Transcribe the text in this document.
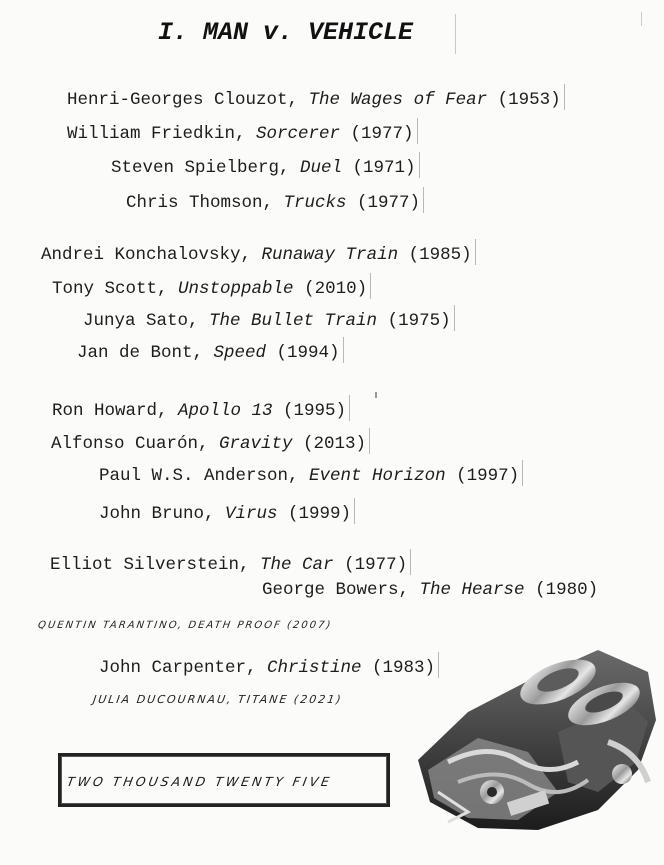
I. MAN v. VEHICLE
Henri-Georges Clouzot, The Wages of Fear (1953)
William Friedkin, Sorcerer (1977)
Steven Spielberg, Duel (1971)
Chris Thomson, Trucks (1977)
Andrei Konchalovsky, Runaway Train (1985)
Tony Scott, Unstoppable (2010)
Junya Sato, The Bullet Train (1975)
Jan de Bont, Speed (1994)
Ron Howard, Apollo 13 (1995)
Alfonso Cuarón, Gravity (2013)
Paul W.S. Anderson, Event Horizon (1997)
John Bruno, Virus (1999)
Elliot Silverstein, The Car (1977)
George Bowers, The Hearse (1980)
QUENTIN TARANTINO, DEATH PROOF (2007)
John Carpenter, Christine (1983)
JULIA DUCOURNAU, TITANE (2021)
TWO THOUSAND TWENTY FIVE
